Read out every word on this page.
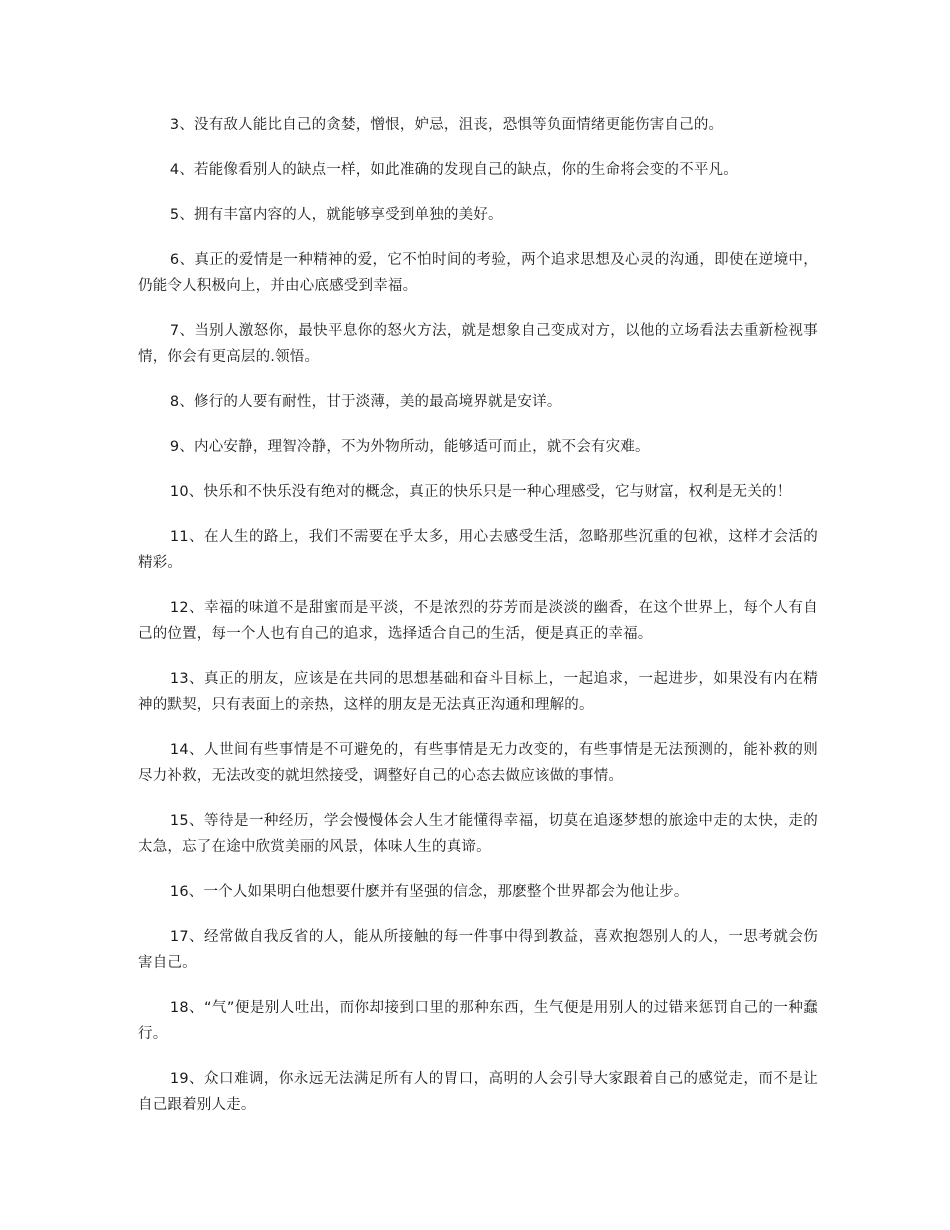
3、没有敌人能比自己的贪婪，憎恨，妒忌，沮丧，恐惧等负面情绪更能伤害自己的。

4、若能像看别人的缺点一样，如此准确的发现自己的缺点，你的生命将会变的不平凡。

5、拥有丰富内容的人，就能够享受到单独的美好。

6、真正的爱情是一种精神的爱，它不怕时间的考验，两个追求思想及心灵的沟通，即使在逆境中，仍能令人积极向上，并由心底感受到幸福。

7、当别人激怒你，最快平息你的怒火方法，就是想象自己变成对方，以他的立场看法去重新检视事情，你会有更高层的.领悟。

8、修行的人要有耐性，甘于淡薄，美的最高境界就是安详。

9、内心安静，理智冷静，不为外物所动，能够适可而止，就不会有灾难。

10、快乐和不快乐没有绝对的概念，真正的快乐只是一种心理感受，它与财富，权利是无关的！

11、在人生的路上，我们不需要在乎太多，用心去感受生活，忽略那些沉重的包袱，这样才会活的精彩。

12、幸福的味道不是甜蜜而是平淡，不是浓烈的芬芳而是淡淡的幽香，在这个世界上，每个人有自己的位置，每一个人也有自己的追求，选择适合自己的生活，便是真正的幸福。

13、真正的朋友，应该是在共同的思想基础和奋斗目标上，一起追求，一起进步，如果没有内在精神的默契，只有表面上的亲热，这样的朋友是无法真正沟通和理解的。

14、人世间有些事情是不可避免的，有些事情是无力改变的，有些事情是无法预测的，能补救的则尽力补救，无法改变的就坦然接受，调整好自己的心态去做应该做的事情。

15、等待是一种经历，学会慢慢体会人生才能懂得幸福，切莫在追逐梦想的旅途中走的太快，走的太急，忘了在途中欣赏美丽的风景，体味人生的真谛。

16、一个人如果明白他想要什麽并有坚强的信念，那麽整个世界都会为他让步。

17、经常做自我反省的人，能从所接触的每一件事中得到教益，喜欢抱怨别人的人，一思考就会伤害自己。

18、“气”便是别人吐出，而你却接到口里的那种东西，生气便是用别人的过错来惩罚自己的一种蠢行。

19、众口难调，你永远无法满足所有人的胃口，高明的人会引导大家跟着自己的感觉走，而不是让自己跟着别人走。
